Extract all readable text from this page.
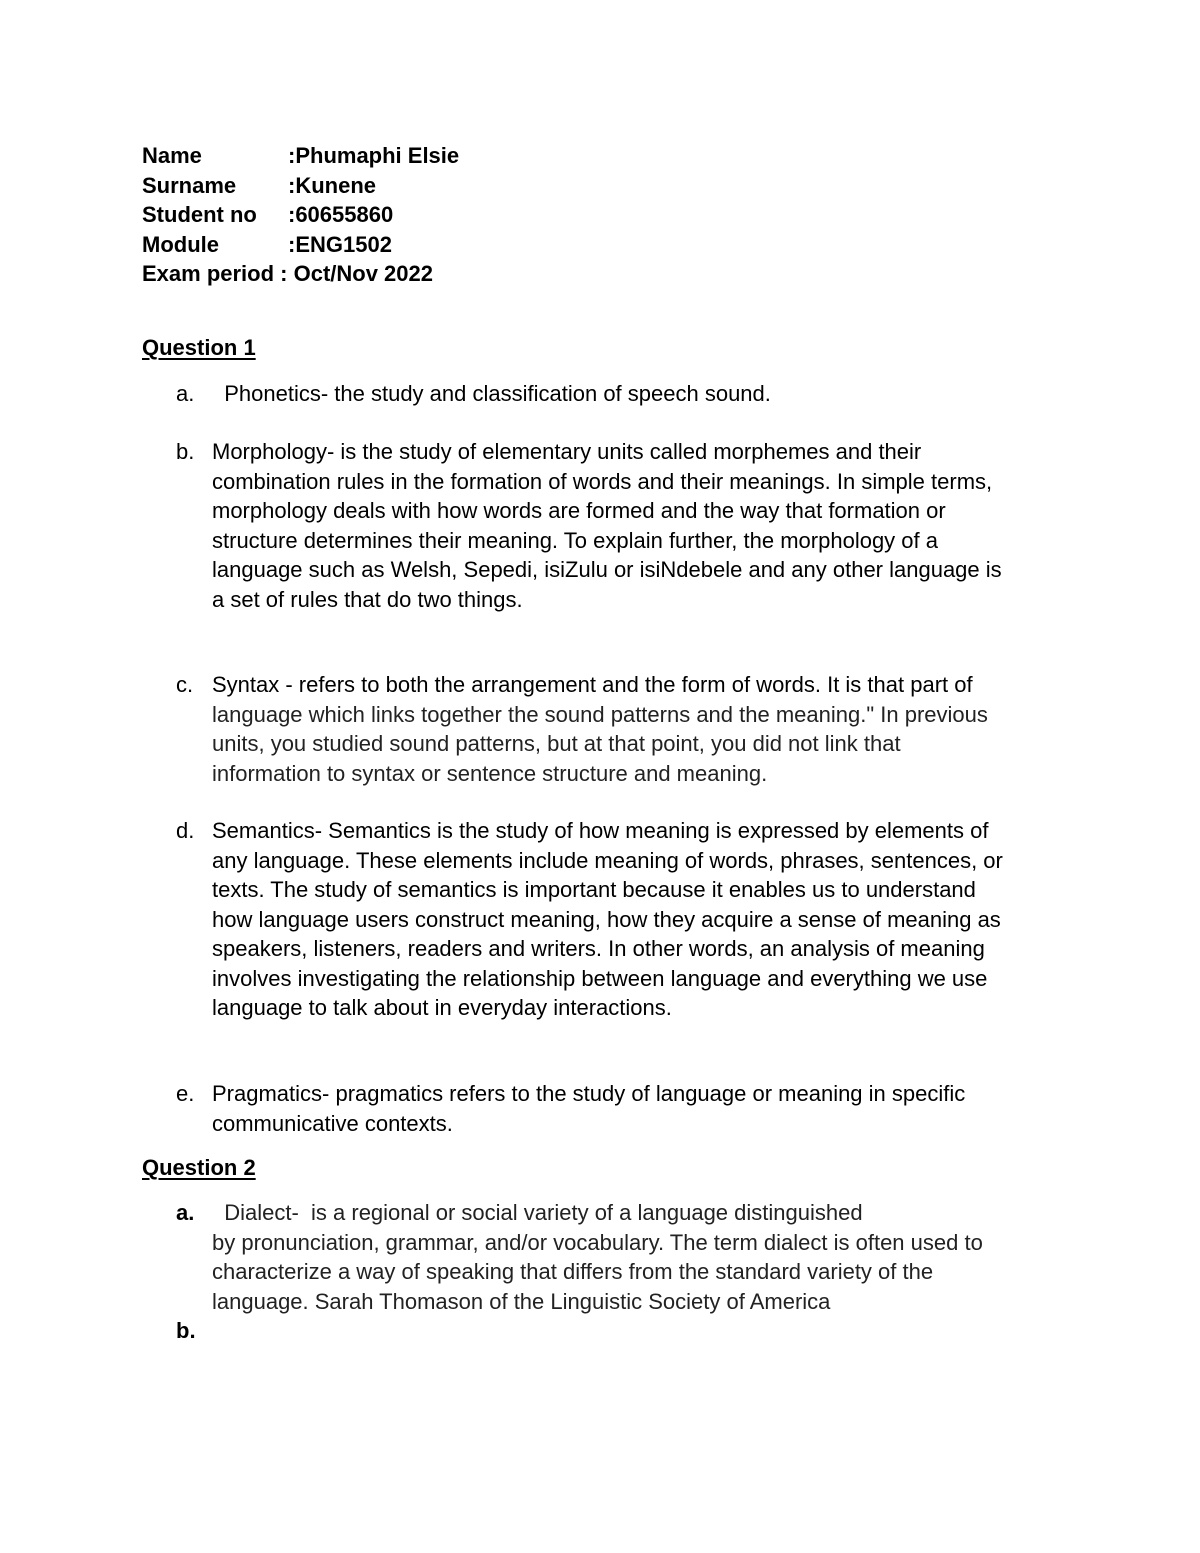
Name	:Phumaphi Elsie
Surname	:Kunene
Student no	:60655860
Module	:ENG1502
Exam period : Oct/Nov 2022
Question 1
a. Phonetics- the study and classification of speech sound.
b. Morphology- is the study of elementary units called morphemes and their
combination rules in the formation of words and their meanings. In simple terms,
morphology deals with how words are formed and the way that formation or
structure determines their meaning. To explain further, the morphology of a
language such as Welsh, Sepedi, isiZulu or isiNdebele and any other language is
a set of rules that do two things.
c. Syntax - refers to both the arrangement and the form of words. It is that part of
language which links together the sound patterns and the meaning." In previous
units, you studied sound patterns, but at that point, you did not link that
information to syntax or sentence structure and meaning.
d. Semantics- Semantics is the study of how meaning is expressed by elements of
any language. These elements include meaning of words, phrases, sentences, or
texts. The study of semantics is important because it enables us to understand
how language users construct meaning, how they acquire a sense of meaning as
speakers, listeners, readers and writers. In other words, an analysis of meaning
involves investigating the relationship between language and everything we use
language to talk about in everyday interactions.
e. Pragmatics- pragmatics refers to the study of language or meaning in specific
communicative contexts.
Question 2
a. Dialect-  is a regional or social variety of a language distinguished
by pronunciation, grammar, and/or vocabulary. The term dialect is often used to
characterize a way of speaking that differs from the standard variety of the
language. Sarah Thomason of the Linguistic Society of America
b.
